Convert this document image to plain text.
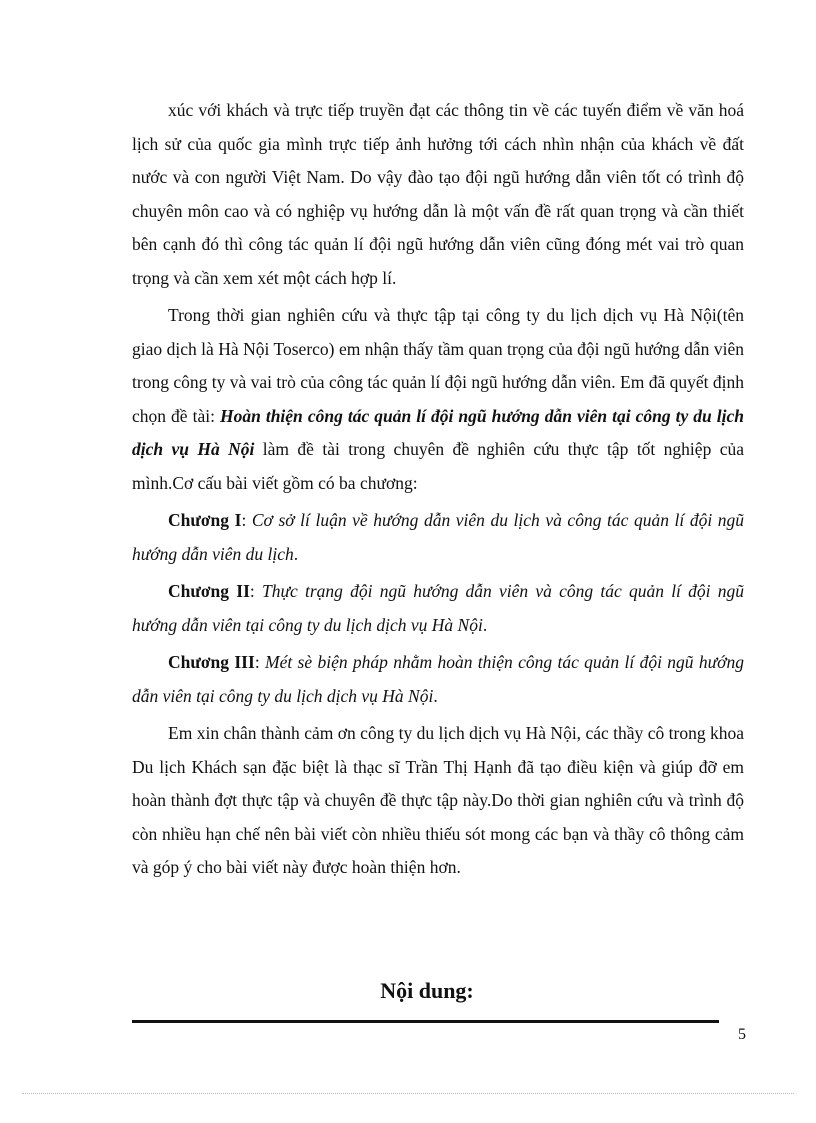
xúc với khách và trực tiếp truyền đạt các thông tin về các tuyến điểm về văn hoá lịch sử của quốc gia mình trực tiếp ảnh hưởng tới cách nhìn nhận của khách về đất nước và con người Việt Nam. Do vậy đào tạo đội ngũ hướng dẫn viên tốt có trình độ chuyên môn cao và có nghiệp vụ hướng dẫn là một vấn đề rất quan trọng và cần thiết bên cạnh đó thì công tác quản lí đội ngũ hướng dẫn viên cũng đóng mét vai trò quan trọng và cần xem xét một cách hợp lí.

Trong thời gian nghiên cứu và thực tập tại công ty du lịch dịch vụ Hà Nội(tên giao dịch là Hà Nội Toserco) em nhận thấy tầm quan trọng của đội ngũ hướng dẫn viên trong công ty và vai trò của công tác quản lí đội ngũ hướng dẫn viên. Em đã quyết định chọn đề tài: Hoàn thiện công tác quản lí đội ngũ hướng dẫn viên tại công ty du lịch dịch vụ Hà Nội làm đề tài trong chuyên đề nghiên cứu thực tập tốt nghiệp của mình.Cơ cấu bài viết gồm có ba chương:

Chương I: Cơ sở lí luận về hướng dẫn viên du lịch và công tác quản lí đội ngũ hướng dẫn viên du lịch.

Chương II: Thực trạng đội ngũ hướng dẫn viên và công tác quản lí đội ngũ hướng dẫn viên tại công ty du lịch dịch vụ Hà Nội.

Chương III: Mét sè biện pháp nhằm hoàn thiện công tác quản lí đội ngũ hướng dẫn viên tại công ty du lịch dịch vụ Hà Nội.

Em xin chân thành cảm ơn công ty du lịch dịch vụ Hà Nội, các thầy cô trong khoa Du lịch Khách sạn đặc biệt là thạc sĩ Trần Thị Hạnh đã tạo điều kiện và giúp đỡ em hoàn thành đợt thực tập và chuyên đề thực tập này.Do thời gian nghiên cứu và trình độ còn nhiều hạn chế nên bài viết còn nhiều thiếu sót mong các bạn và thầy cô thông cảm và góp ý cho bài viết này được hoàn thiện hơn.

Nội dung:
5
